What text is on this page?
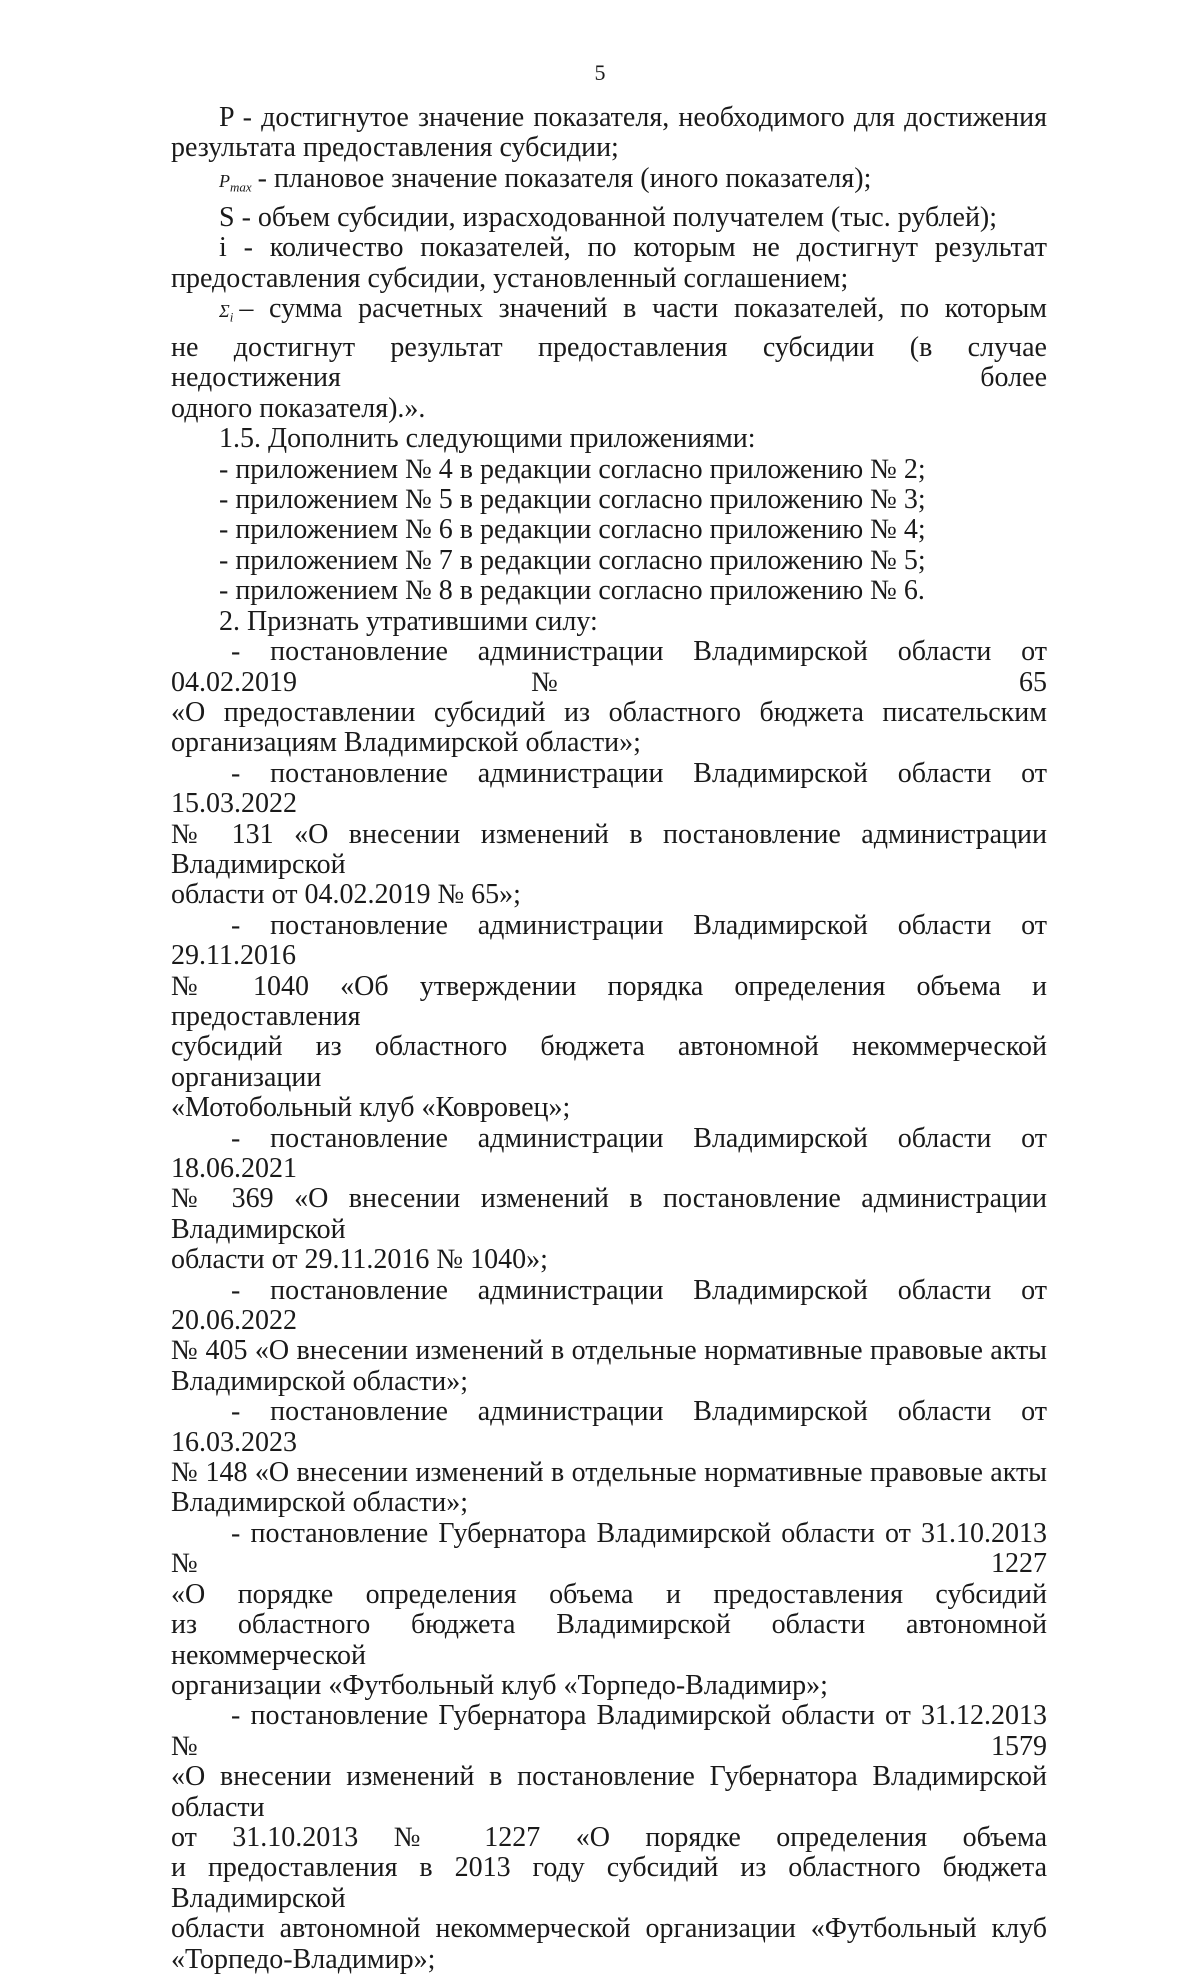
5

P - достигнутое значение показателя, необходимого для достижения

результата предоставления субсидии;

$P_{max}$ - плановое значение показателя (иного показателя);

S - объем субсидии, израсходованной получателем (тыс. рублей);

i - количество показателей, по которым не достигнут результат

предоставления субсидии, установленный соглашением;

$\Sigma_i$ – сумма расчетных значений в части показателей, по которым

не достигнут результат предоставления субсидии (в случае недостижения более

одного показателя).».

1.5. Дополнить следующими приложениями:

- приложением № 4 в редакции согласно приложению № 2;

- приложением № 5 в редакции согласно приложению № 3;

- приложением № 6 в редакции согласно приложению № 4;

- приложением № 7 в редакции согласно приложению № 5;

- приложением № 8 в редакции согласно приложению № 6.

2. Признать утратившими силу:

- постановление администрации Владимирской области от 04.02.2019 № 65

«О предоставлении субсидий из областного бюджета писательским

организациям Владимирской области»;

- постановление администрации Владимирской области от 15.03.2022

№ 131 «О внесении изменений в постановление администрации Владимирской

области от 04.02.2019 № 65»;

- постановление администрации Владимирской области от 29.11.2016

№ 1040 «Об утверждении порядка определения объема и предоставления

субсидий из областного бюджета автономной некоммерческой организации

«Мотобольный клуб «Ковровец»;

- постановление администрации Владимирской области от 18.06.2021

№ 369 «О внесении изменений в постановление администрации Владимирской

области от 29.11.2016 № 1040»;

- постановление администрации Владимирской области от 20.06.2022

№ 405 «О внесении изменений в отдельные нормативные правовые акты

Владимирской области»;

- постановление администрации Владимирской области от 16.03.2023

№ 148 «О внесении изменений в отдельные нормативные правовые акты

Владимирской области»;

- постановление Губернатора Владимирской области от 31.10.2013 № 1227

«О порядке определения объема и предоставления субсидий

из областного бюджета Владимирской области автономной некоммерческой

организации «Футбольный клуб «Торпедо-Владимир»;

- постановление Губернатора Владимирской области от 31.12.2013 № 1579

«О внесении изменений в постановление Губернатора Владимирской области

от 31.10.2013 № 1227 «О порядке определения объема

и предоставления в 2013 году субсидий из областного бюджета Владимирской

области автономной некоммерческой организации «Футбольный клуб

«Торпедо-Владимир»;
